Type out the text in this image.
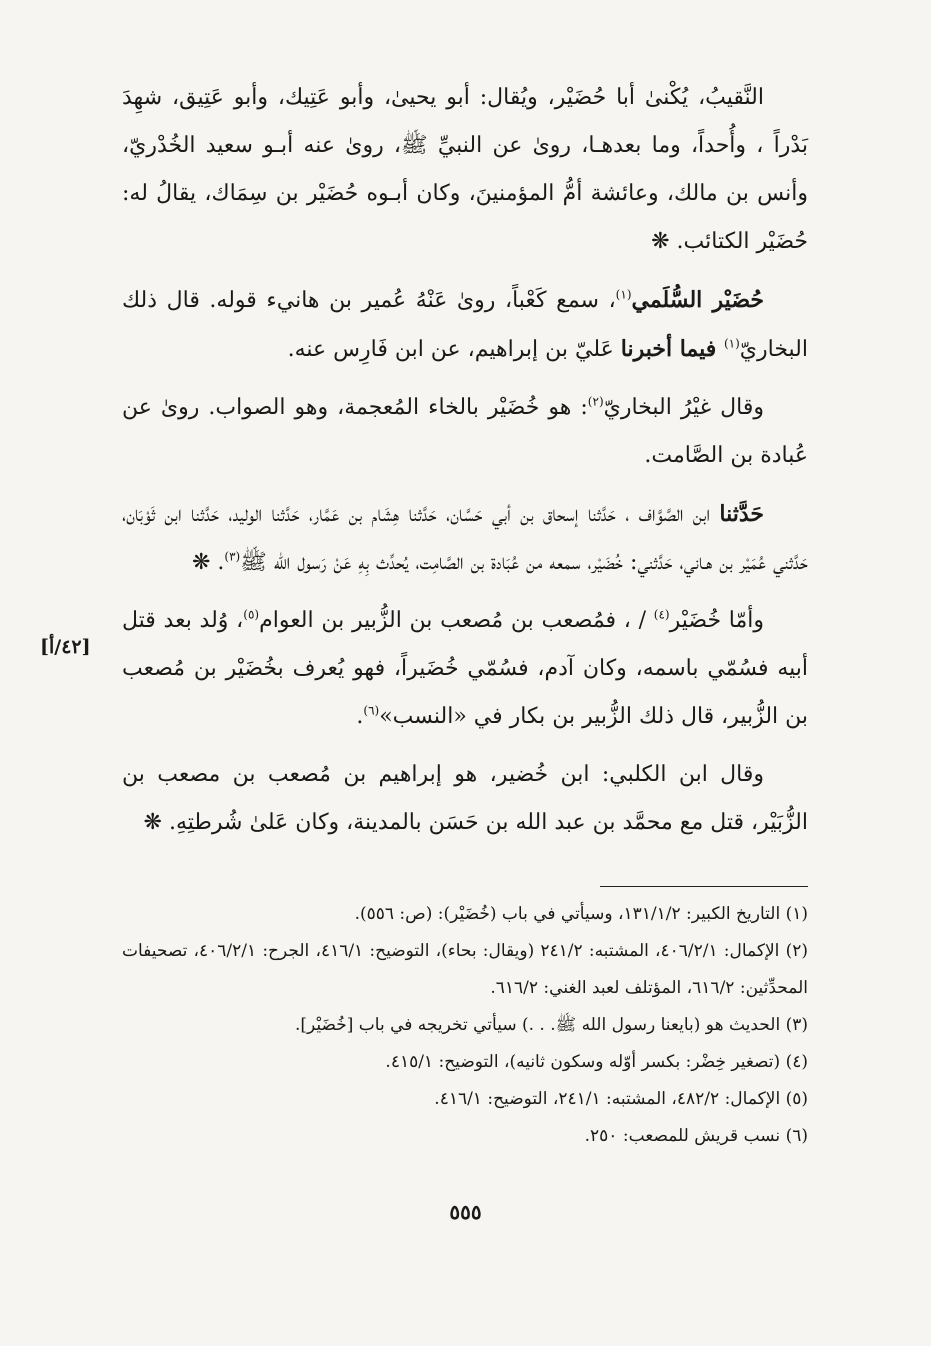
النَّقيبُ، يُكْنىٰ أبا حُضَيْر، ويُقال: أبو يحيىٰ، وأبو عَتِيك، وأبو عَتِيق، شهِدَ بَدْراً ، وأُحداً، وما بعدهـا، روىٰ عن النبيِّ ﷺ، روىٰ عنه أبـو سعيد الخُدْريّ، وأنس بن مالك، وعائشة أمُّ المؤمنينَ، وكان أبـوه حُضَيْر بن سِمَاك، يقالُ له: حُضَيْر الكتائب. ❋

حُضَيْر السُّلَمي$^{(١)}$، سمع كَعْباً، روىٰ عَنْهُ عُمير بن هانيء قوله. قال ذلك البخاريّ$^{(١)}$ فيما أخبرنا عَليّ بن إبراهيم، عن ابن فَارِس عنه.

وقال غيْرُ البخاريّ$^{(٢)}$: هو خُضَيْر بالخاء المُعجمة، وهو الصواب. روىٰ عن عُبادة بن الصَّامت.

حَدَّثنا ابن الصَّوَّاف ، حَدَّثنا إسحاق بن أبي حَسَّان، حَدَّثنا هِشَام بن عَمَّار، حَدَّثنا الوليد، حَدَّثنا ابن ثَوْبَان، حَدَّثني عُمَيْر بن هـاني، حَدَّثني: خُضَيْر، سمعه من عُبَادة بن الصَّامِت، يُحدِّث بِهِ عَنْ رَسول الله ﷺ$^{(٣)}$. ❋

وأمّا خُضَيْر$^{(٤)}$ / ، فمُصعب بن مُصعب بن الزُّبير بن العوام$^{(٥)}$، وُلد بعد قتل أبيه فسُمّي باسمه، وكان آدم، فسُمّي خُضَيراً، فهو يُعرف بخُضَيْر بن مُصعب بن الزُّبير، قال ذلك الزُّبير بن بكار في «النسب»$^{(٦)}$.

وقال ابن الكلبي: ابن خُضير، هو إبراهيم بن مُصعب بن مصعب بن الزُّبَيْر، قتل مع محمَّد بن عبد الله بن حَسَن بالمدينة، وكان عَلىٰ شُرطتِهِ. ❋

[٤٢/أ]
(١) التاريخ الكبير: ١٣١/١/٢، وسيأتي في باب (خُضَيْر): (ص: ٥٥٦).
(٢) الإكمال: ٤٠٦/٢/١، المشتبه: ٢٤١/٢ (ويقال: بحاء)، التوضيح: ٤١٦/١، الجرح: ٤٠٦/٢/١، تصحيفات المحدِّثين: ٦١٦/٢، المؤتلف لعبد الغني: ٦١٦/٢.
(٣) الحديث هو (بايعنا رسول الله ﷺ. . .) سيأتي تخريجه في باب [خُضَيْر].
(٤) (تصغير خِضْر: بكسر أوّله وسكون ثانيه)، التوضيح: ٤١٥/١.
(٥) الإكمال: ٤٨٢/٢، المشتبه: ٢٤١/١، التوضيح: ٤١٦/١.
(٦) نسب قريش للمصعب: ٢٥٠.
٥٥٥
